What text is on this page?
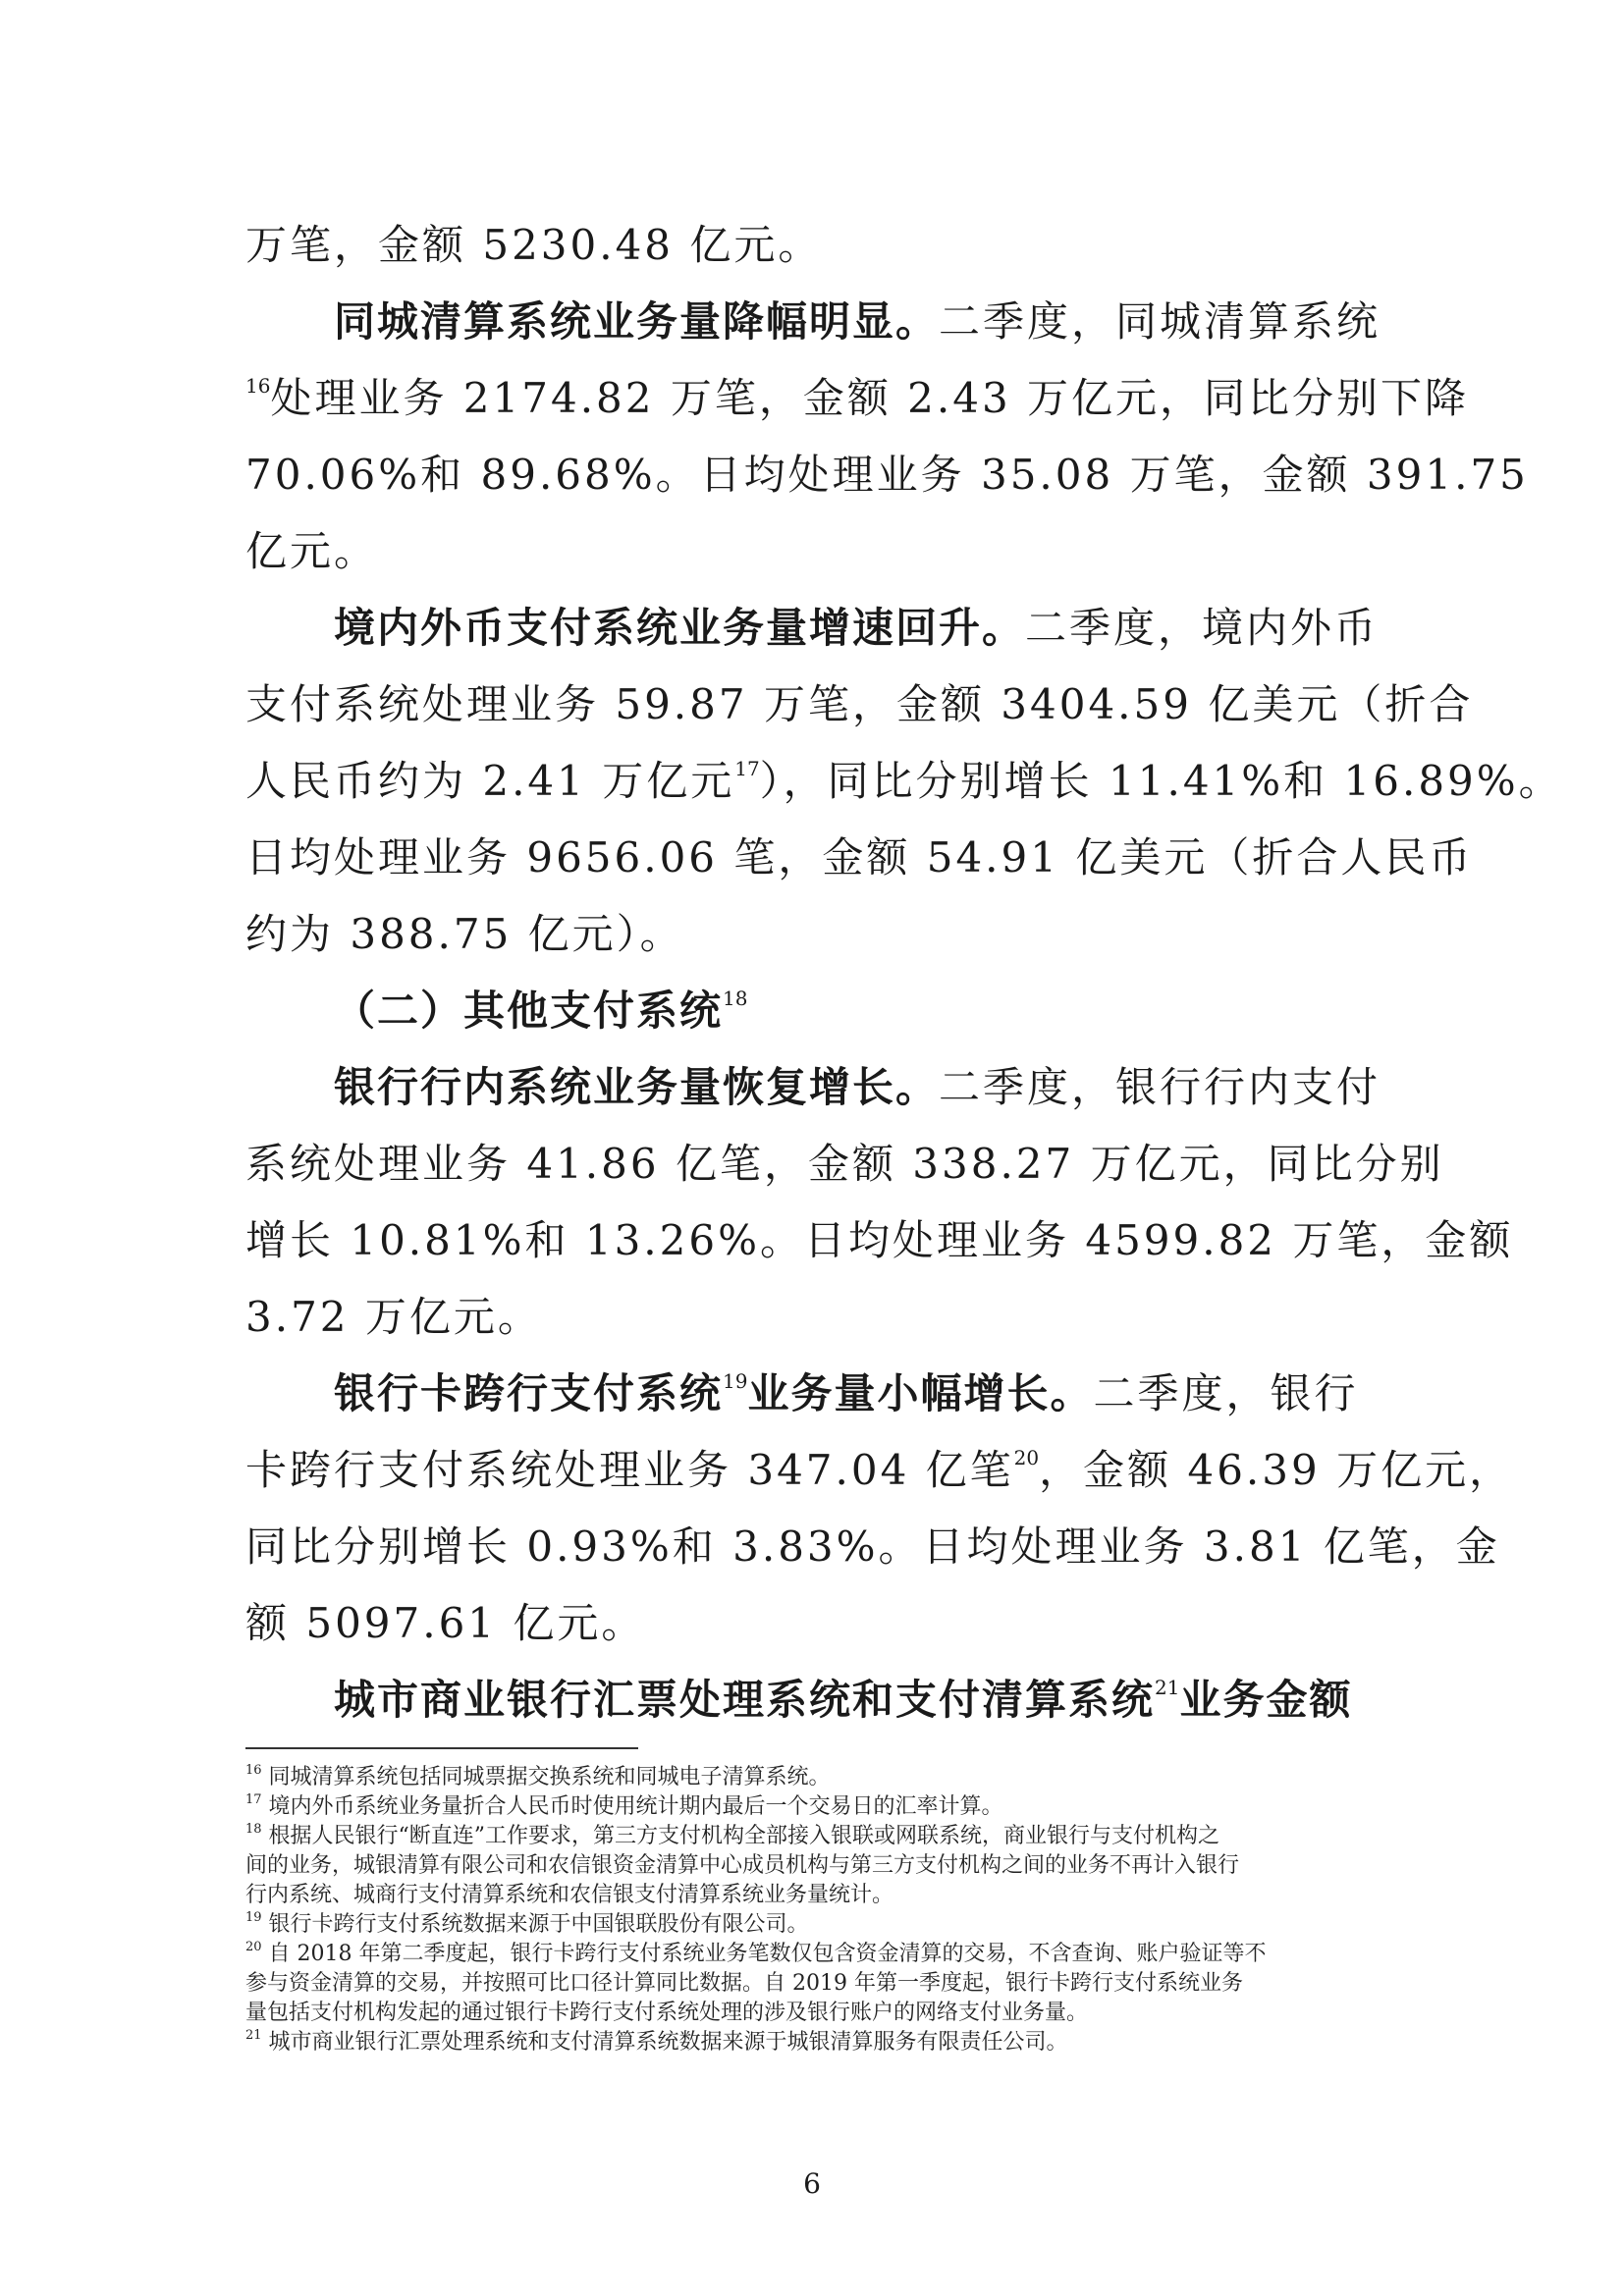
万笔，金额 5230.48 亿元。
同城清算系统业务量降幅明显。二季度，同城清算系统
$^{16}$处理业务 2174.82 万笔，金额 2.43 万亿元，同比分别下降
70.06%和 89.68%。日均处理业务 35.08 万笔，金额 391.75
亿元。
境内外币支付系统业务量增速回升。二季度，境内外币
支付系统处理业务 59.87 万笔，金额 3404.59 亿美元（折合
人民币约为 2.41 万亿元$^{17}$），同比分别增长 11.41%和 16.89%。
日均处理业务 9656.06 笔，金额 54.91 亿美元（折合人民币
约为 388.75 亿元）。
（二）其他支付系统$^{18}$
银行行内系统业务量恢复增长。二季度，银行行内支付
系统处理业务 41.86 亿笔，金额 338.27 万亿元，同比分别
增长 10.81%和 13.26%。日均处理业务 4599.82 万笔，金额
3.72 万亿元。
银行卡跨行支付系统$^{19}$业务量小幅增长。二季度，银行
卡跨行支付系统处理业务 347.04 亿笔$^{20}$，金额 46.39 万亿元，
同比分别增长 0.93%和 3.83%。日均处理业务 3.81 亿笔，金
额 5097.61 亿元。
城市商业银行汇票处理系统和支付清算系统$^{21}$业务金额
$^{16}$ 同城清算系统包括同城票据交换系统和同城电子清算系统。
$^{17}$ 境内外币系统业务量折合人民币时使用统计期内最后一个交易日的汇率计算。
$^{18}$ 根据人民银行“断直连”工作要求，第三方支付机构全部接入银联或网联系统，商业银行与支付机构之
间的业务，城银清算有限公司和农信银资金清算中心成员机构与第三方支付机构之间的业务不再计入银行
行内系统、城商行支付清算系统和农信银支付清算系统业务量统计。
$^{19}$ 银行卡跨行支付系统数据来源于中国银联股份有限公司。
$^{20}$ 自 2018 年第二季度起，银行卡跨行支付系统业务笔数仅包含资金清算的交易，不含查询、账户验证等不
参与资金清算的交易，并按照可比口径计算同比数据。自 2019 年第一季度起，银行卡跨行支付系统业务
量包括支付机构发起的通过银行卡跨行支付系统处理的涉及银行账户的网络支付业务量。
$^{21}$ 城市商业银行汇票处理系统和支付清算系统数据来源于城银清算服务有限责任公司。
6
